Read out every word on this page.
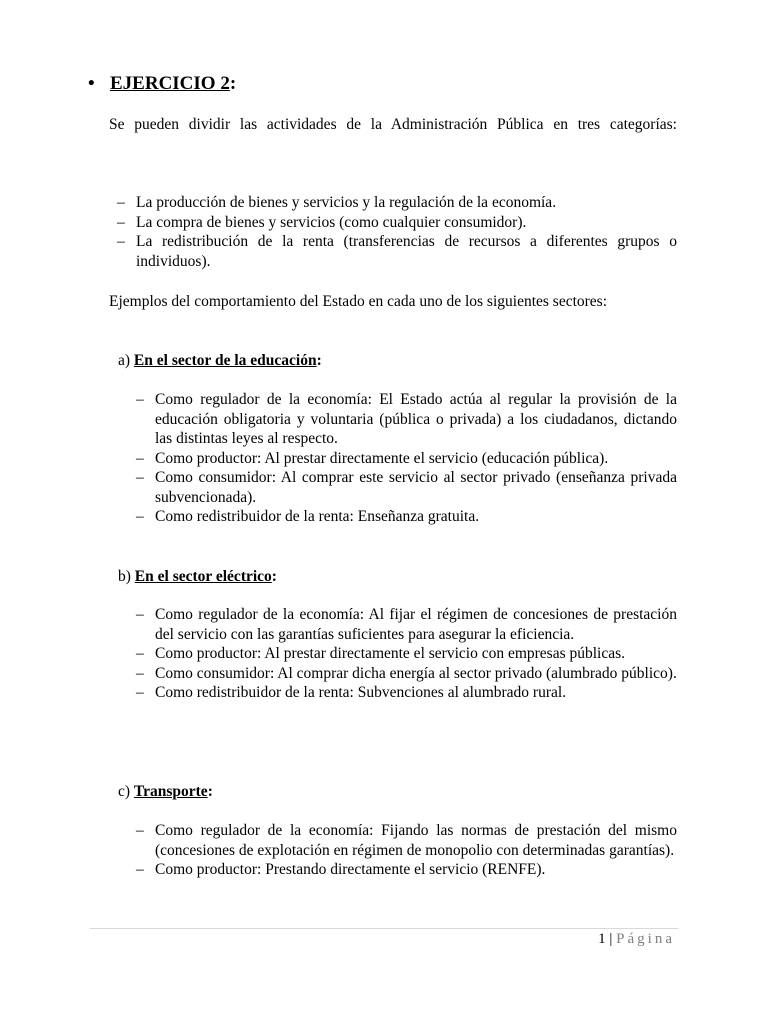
• EJERCICIO 2:
Se pueden dividir las actividades de la Administración Pública en tres categorías:
– La producción de bienes y servicios y la regulación de la economía.
– La compra de bienes y servicios (como cualquier consumidor).
– La redistribución de la renta (transferencias de recursos a diferentes grupos o individuos).
Ejemplos del comportamiento del Estado en cada uno de los siguientes sectores:
a) En el sector de la educación:
– Como regulador de la economía: El Estado actúa al regular la provisión de la educación obligatoria y voluntaria (pública o privada) a los ciudadanos, dictando las distintas leyes al respecto.
– Como productor: Al prestar directamente el servicio (educación pública).
– Como consumidor: Al comprar este servicio al sector privado (enseñanza privada subvencionada).
– Como redistribuidor de la renta: Enseñanza gratuita.
b) En el sector eléctrico:
– Como regulador de la economía: Al fijar el régimen de concesiones de prestación del servicio con las garantías suficientes para asegurar la eficiencia.
– Como productor: Al prestar directamente el servicio con empresas públicas.
– Como consumidor: Al comprar dicha energía al sector privado (alumbrado público).
– Como redistribuidor de la renta: Subvenciones al alumbrado rural.
c) Transporte:
– Como regulador de la economía: Fijando las normas de prestación del mismo (concesiones de explotación en régimen de monopolio con determinadas garantías).
– Como productor: Prestando directamente el servicio (RENFE).
1 | Página
